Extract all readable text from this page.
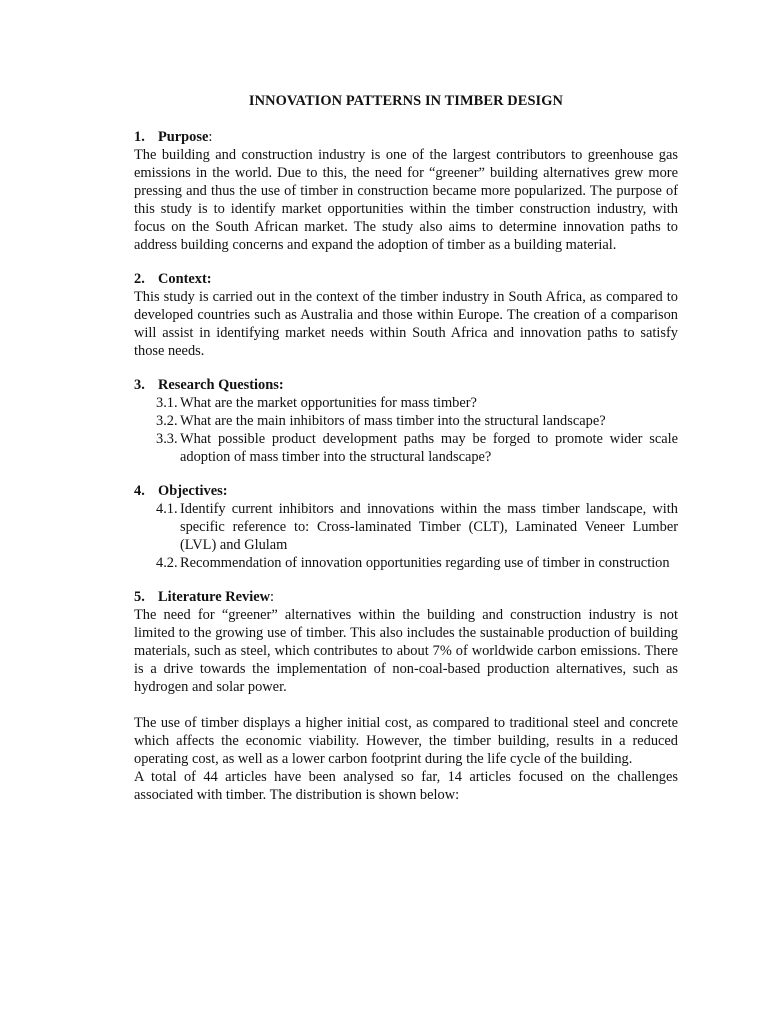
INNOVATION PATTERNS IN TIMBER DESIGN
1. Purpose :

The building and construction industry is one of the largest contributors to greenhouse gas emissions in the world. Due to this, the need for “greener” building alternatives grew more pressing and thus the use of timber in construction became more popularized. The purpose of this study is to identify market opportunities within the timber construction industry, with focus on the South African market. The study also aims to determine innovation paths to address building concerns and expand the adoption of timber as a building material.

2. Context:

This study is carried out in the context of the timber industry in South Africa, as compared to developed countries such as Australia and those within Europe. The creation of a comparison will assist in identifying market needs within South Africa and innovation paths to satisfy those needs.

3. Research Questions:
3.1. What are the market opportunities for mass timber?
3.2. What are the main inhibitors of mass timber into the structural landscape?
3.3. What possible product development paths may be forged to promote wider scale adoption of mass timber into the structural landscape?
4. Objectives:
4.1. Identify current inhibitors and innovations within the mass timber landscape, with specific reference to: Cross-laminated Timber (CLT), Laminated Veneer Lumber (LVL) and Glulam
4.2. Recommendation of innovation opportunities regarding use of timber in construction
5. Literature Review :

The need for “greener” alternatives within the building and construction industry is not limited to the growing use of timber. This also includes the sustainable production of building materials, such as steel, which contributes to about 7% of worldwide carbon emissions. There is a drive towards the implementation of non-coal-based production alternatives, such as hydrogen and solar power.

The use of timber displays a higher initial cost, as compared to traditional steel and concrete which affects the economic viability. However, the timber building, results in a reduced operating cost, as well as a lower carbon footprint during the life cycle of the building.

A total of 44 articles have been analysed so far, 14 articles focused on the challenges associated with timber. The distribution is shown below:
